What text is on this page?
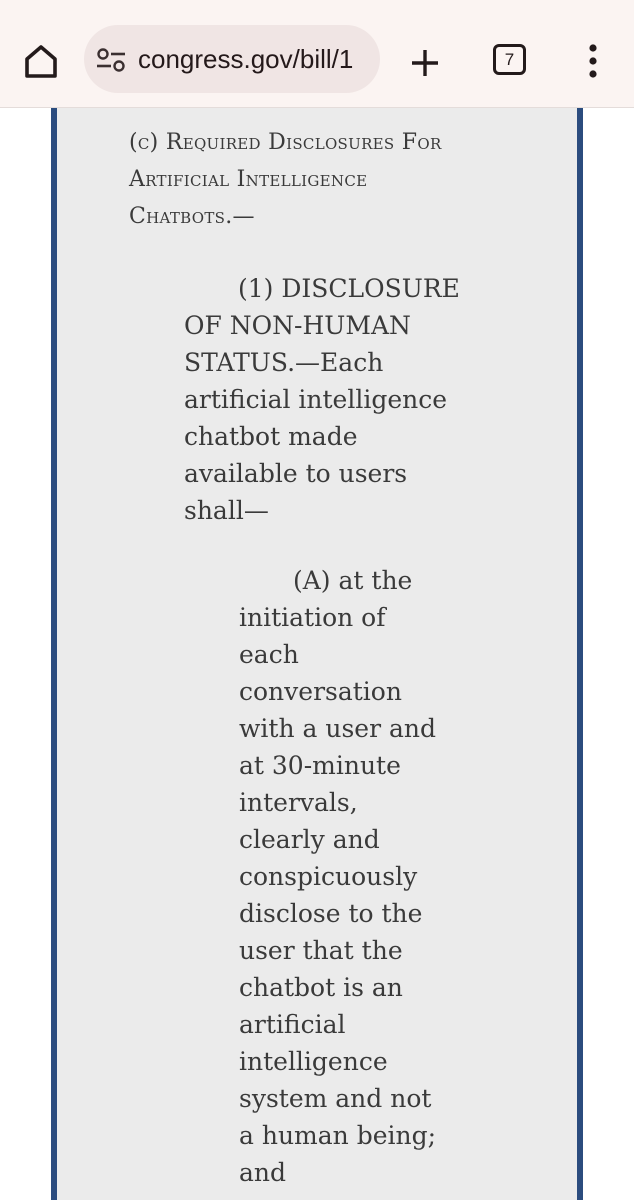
congress.gov/bill/1	7
(c) Required Disclosures For Artificial Intelligence Chatbots.—
(1) DISCLOSURE OF NON-HUMAN STATUS.—Each artificial intelligence chatbot made available to users shall—
(A) at the initiation of each conversation with a user and at 30-minute intervals, clearly and conspicuously disclose to the user that the chatbot is an artificial intelligence system and not a human being; and
